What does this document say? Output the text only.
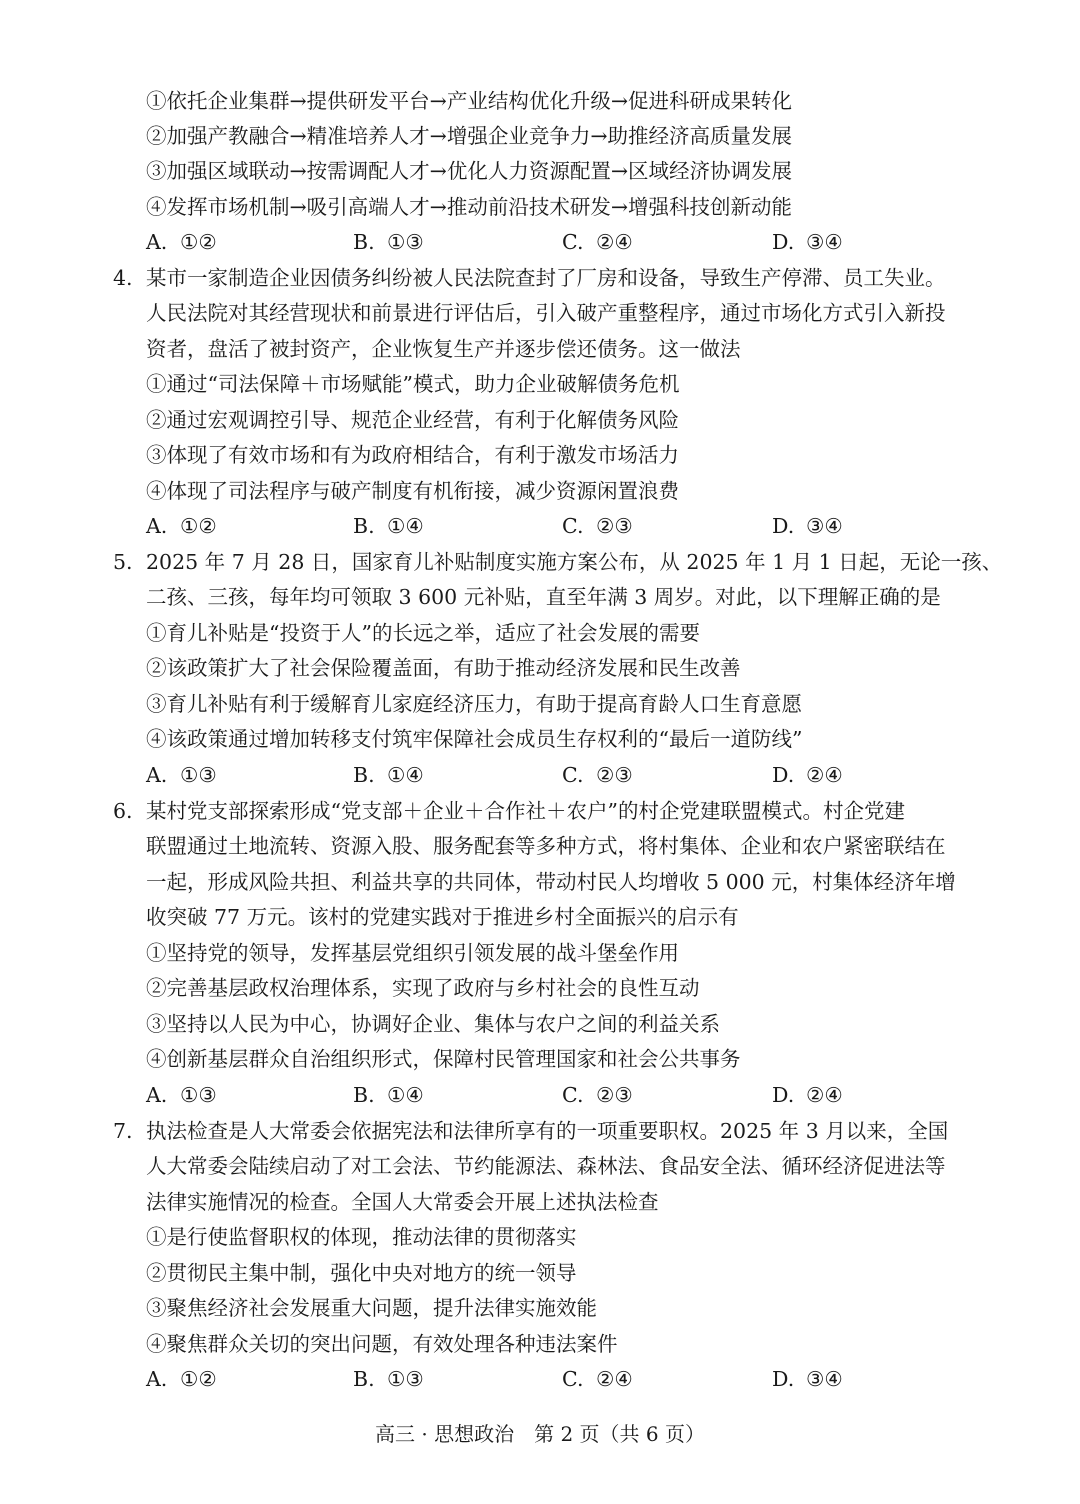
①依托企业集群→提供研发平台→产业结构优化升级→促进科研成果转化
②加强产教融合→精准培养人才→增强企业竞争力→助推经济高质量发展
③加强区域联动→按需调配人才→优化人力资源配置→区域经济协调发展
④发挥市场机制→吸引高端人才→推动前沿技术研发→增强科技创新动能
A. ①②	B. ①③	C. ②④	D. ③④
4. 某市一家制造企业因债务纠纷被人民法院查封了厂房和设备，导致生产停滞、员工失业。
人民法院对其经营现状和前景进行评估后，引入破产重整程序，通过市场化方式引入新投
资者，盘活了被封资产，企业恢复生产并逐步偿还债务。这一做法
①通过“司法保障＋市场赋能”模式，助力企业破解债务危机
②通过宏观调控引导、规范企业经营，有利于化解债务风险
③体现了有效市场和有为政府相结合，有利于激发市场活力
④体现了司法程序与破产制度有机衔接，减少资源闲置浪费
A. ①②	B. ①④	C. ②③	D. ③④
5. 2025 年 7 月 28 日，国家育儿补贴制度实施方案公布，从 2025 年 1 月 1 日起，无论一孩、
二孩、三孩，每年均可领取 3 600 元补贴，直至年满 3 周岁。对此，以下理解正确的是
①育儿补贴是“投资于人”的长远之举，适应了社会发展的需要
②该政策扩大了社会保险覆盖面，有助于推动经济发展和民生改善
③育儿补贴有利于缓解育儿家庭经济压力，有助于提高育龄人口生育意愿
④该政策通过增加转移支付筑牢保障社会成员生存权利的“最后一道防线”
A. ①③	B. ①④	C. ②③	D. ②④
6. 某村党支部探索形成“党支部＋企业＋合作社＋农户”的村企党建联盟模式。村企党建
联盟通过土地流转、资源入股、服务配套等多种方式，将村集体、企业和农户紧密联结在
一起，形成风险共担、利益共享的共同体，带动村民人均增收 5 000 元，村集体经济年增
收突破 77 万元。该村的党建实践对于推进乡村全面振兴的启示有
①坚持党的领导，发挥基层党组织引领发展的战斗堡垒作用
②完善基层政权治理体系，实现了政府与乡村社会的良性互动
③坚持以人民为中心，协调好企业、集体与农户之间的利益关系
④创新基层群众自治组织形式，保障村民管理国家和社会公共事务
A. ①③	B. ①④	C. ②③	D. ②④
7. 执法检查是人大常委会依据宪法和法律所享有的一项重要职权。2025 年 3 月以来，全国
人大常委会陆续启动了对工会法、节约能源法、森林法、食品安全法、循环经济促进法等
法律实施情况的检查。全国人大常委会开展上述执法检查
①是行使监督职权的体现，推动法律的贯彻落实
②贯彻民主集中制，强化中央对地方的统一领导
③聚焦经济社会发展重大问题，提升法律实施效能
④聚焦群众关切的突出问题，有效处理各种违法案件
A. ①②	B. ①③	C. ②④	D. ③④
高三 · 思想政治　第 2 页（共 6 页）
